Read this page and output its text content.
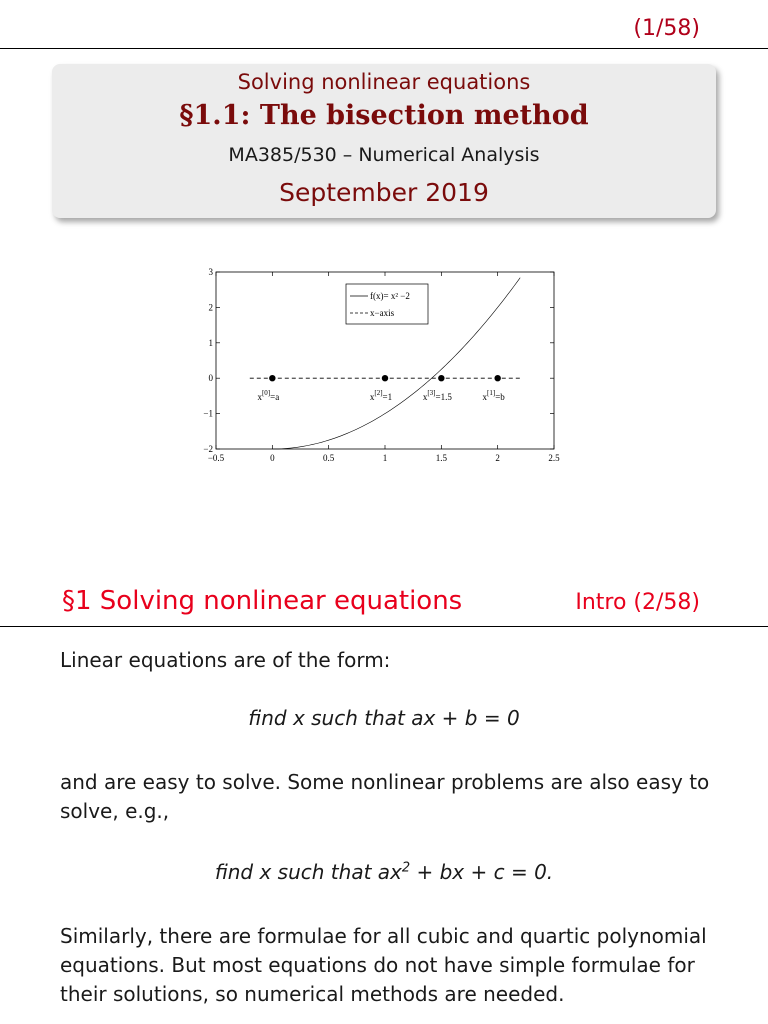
(1/58)
Solving nonlinear equations
§1.1: The bisection method
MA385/530 – Numerical Analysis
September 2019
−0.5	0	0.5	1	1.5	2	2.5
−2
−1
0
1
2
3
x[0]=a	x[2]=1	x[3]=1.5	x[1]=b
f(x)= x² −2
x−axis
§1 Solving nonlinear equations	Intro (2/58)
Linear equations are of the form:
find x such that ax + b = 0
and are easy to solve. Some nonlinear problems are also easy to solve, e.g.,
find x such that $ax^2$ + bx + c = 0.
Similarly, there are formulae for all cubic and quartic polynomial equations. But most equations do not have simple formulae for their solutions, so numerical methods are needed.
